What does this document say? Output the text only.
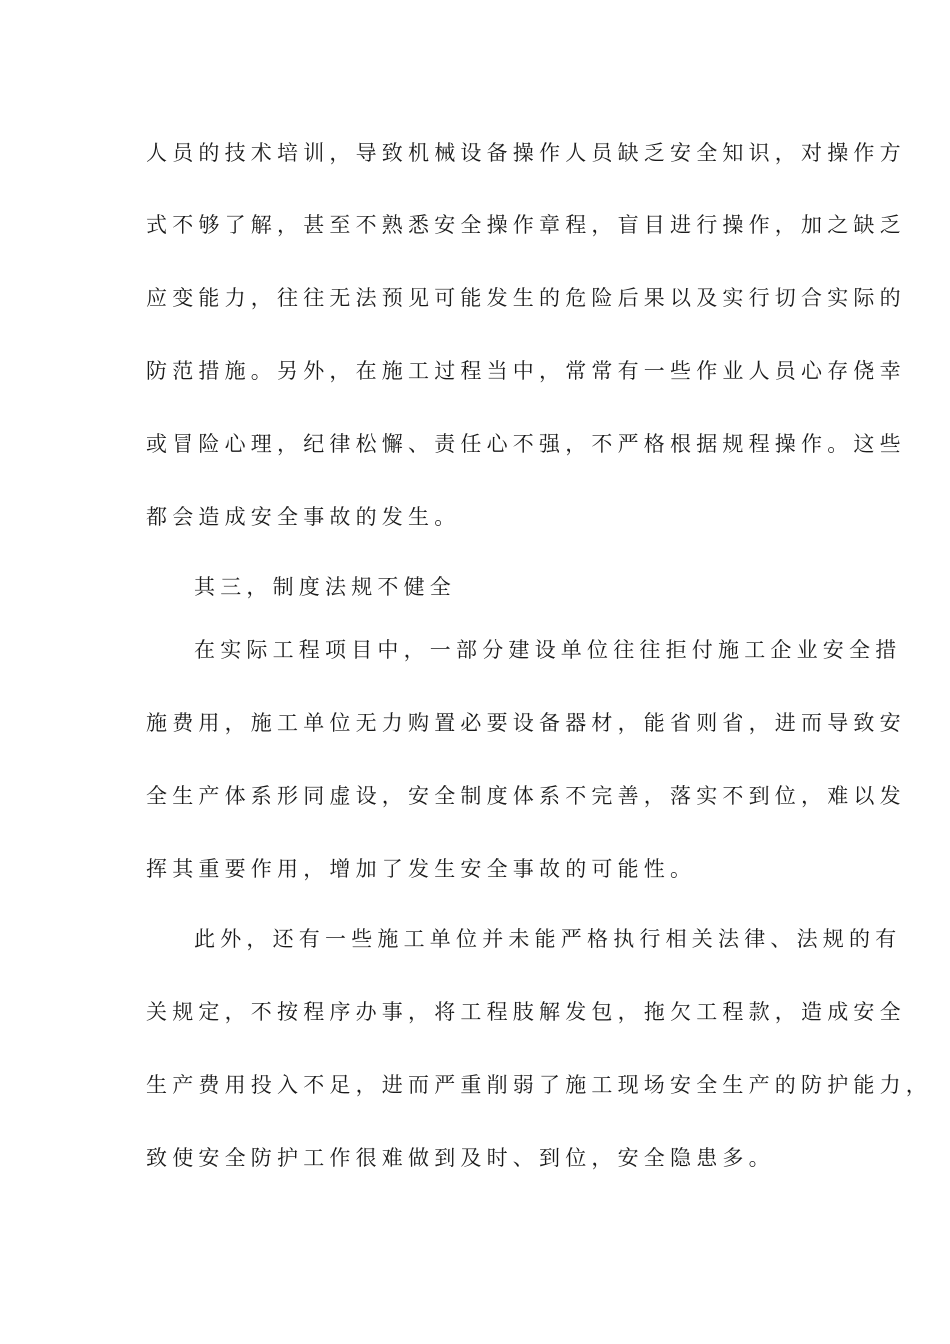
人员的技术培训，导致机械设备操作人员缺乏安全知识，对操作方
式不够了解，甚至不熟悉安全操作章程，盲目进行操作，加之缺乏
应变能力，往往无法预见可能发生的危险后果以及实行切合实际的
防范措施。另外，在施工过程当中，常常有一些作业人员心存侥幸
或冒险心理，纪律松懈、责任心不强，不严格根据规程操作。这些
都会造成安全事故的发生。
其三，制度法规不健全
在实际工程项目中，一部分建设单位往往拒付施工企业安全措
施费用，施工单位无力购置必要设备器材，能省则省，进而导致安
全生产体系形同虚设，安全制度体系不完善，落实不到位，难以发
挥其重要作用，增加了发生安全事故的可能性。
此外，还有一些施工单位并未能严格执行相关法律、法规的有
关规定，不按程序办事，将工程肢解发包，拖欠工程款，造成安全
生产费用投入不足，进而严重削弱了施工现场安全生产的防护能力，
致使安全防护工作很难做到及时、到位，安全隐患多。
